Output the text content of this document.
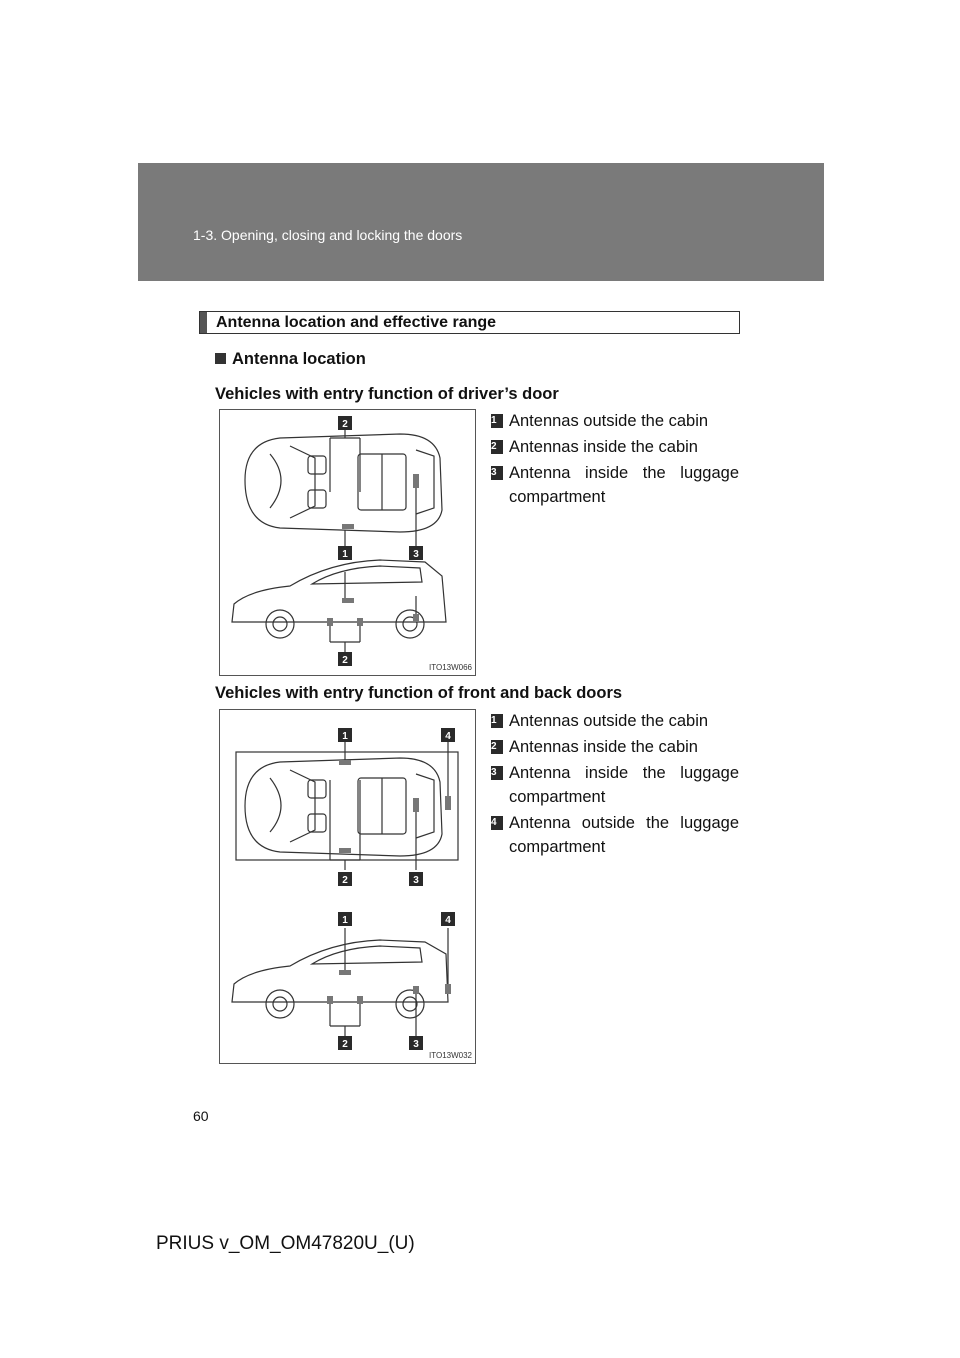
1-3. Opening, closing and locking the doors
Antenna location and effective range
Antenna location
Vehicles with entry function of driver’s door
1 Antennas outside the cabin
2 Antennas inside the cabin
3 Antenna inside the luggage compartment
2
1	3
2
ITO13W066
Vehicles with entry function of front and back doors
1 Antennas outside the cabin
2 Antennas inside the cabin
3 Antenna inside the luggage compartment
4 Antenna outside the luggage compartment
1	4
2	3
1	4
2	3
ITO13W032
60
PRIUS v_OM_OM47820U_(U)
